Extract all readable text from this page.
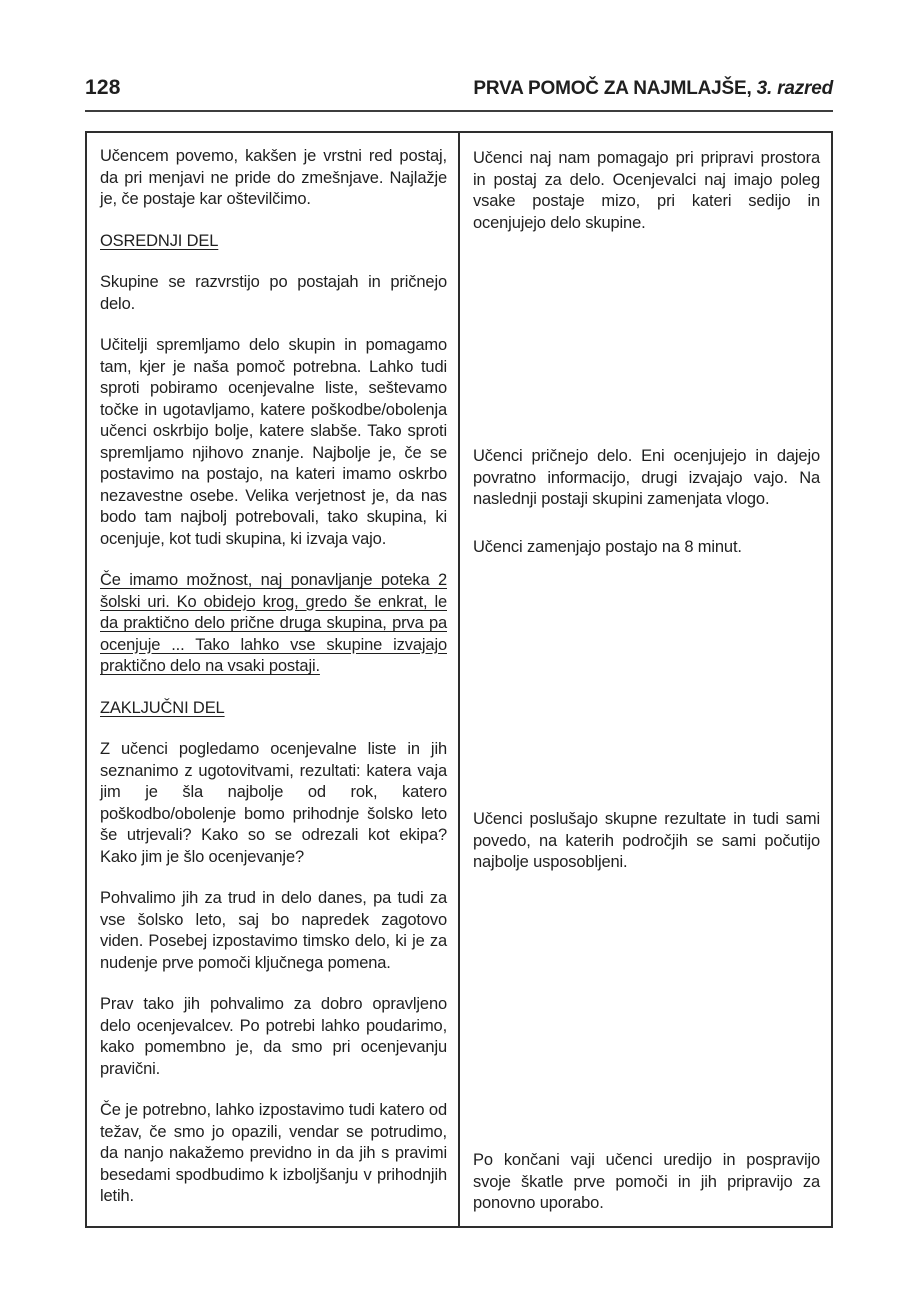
128	PRVA POMOČ ZA NAJMLAJŠE, 3. razred

Učencem povemo, kakšen je vrstni red postaj, da pri menjavi ne pride do zmešnjave. Najlažje je, če postaje kar oštevilčimo.

OSREDNJI DEL

Skupine se razvrstijo po postajah in pričnejo delo.

Učitelji spremljamo delo skupin in pomagamo tam, kjer je naša pomoč potrebna. Lahko tudi sproti pobiramo ocenjevalne liste, seštevamo točke in ugotavljamo, katere poškodbe/obolenja učenci oskrbijo bolje, katere slabše. Tako sproti spremljamo njihovo znanje. Najbolje je, če se postavimo na postajo, na kateri imamo oskrbo nezavestne osebe. Velika verjetnost je, da nas bodo tam najbolj potrebovali, tako skupina, ki ocenjuje, kot tudi skupina, ki izvaja vajo.

Če imamo možnost, naj ponavljanje poteka 2 šolski uri. Ko obidejo krog, gredo še enkrat, le da praktično delo prične druga skupina, prva pa ocenjuje ... Tako lahko vse skupine izvajajo praktično delo na vsaki postaji.

ZAKLJUČNI DEL

Z učenci pogledamo ocenjevalne liste in jih seznanimo z ugotovitvami, rezultati: katera vaja jim je šla najbolje od rok, katero poškodbo/obolenje bomo prihodnje šolsko leto še utrjevali? Kako so se odrezali kot ekipa? Kako jim je šlo ocenjevanje?

Pohvalimo jih za trud in delo danes, pa tudi za vse šolsko leto, saj bo napredek zagotovo viden. Posebej izpostavimo timsko delo, ki je za nudenje prve pomoči ključnega pomena.

Prav tako jih pohvalimo za dobro opravljeno delo ocenjevalcev. Po potrebi lahko poudarimo, kako pomembno je, da smo pri ocenjevanju pravični.

Če je potrebno, lahko izpostavimo tudi katero od težav, če smo jo opazili, vendar se potrudimo, da nanjo nakažemo previdno in da jih s pravimi besedami spodbudimo k izboljšanju v prihodnjih letih.

Učenci naj nam pomagajo pri pripravi prostora in postaj za delo. Ocenjevalci naj imajo poleg vsake postaje mizo, pri kateri sedijo in ocenjujejo delo skupine.

Učenci pričnejo delo. Eni ocenjujejo in dajejo povratno informacijo, drugi izvajajo vajo. Na naslednji postaji skupini zamenjata vlogo.

Učenci zamenjajo postajo na 8 minut.

Učenci poslušajo skupne rezultate in tudi sami povedo, na katerih področjih se sami počutijo najbolje usposobljeni.

Po končani vaji učenci uredijo in pospravijo svoje škatle prve pomoči in jih pripravijo za ponovno uporabo.
